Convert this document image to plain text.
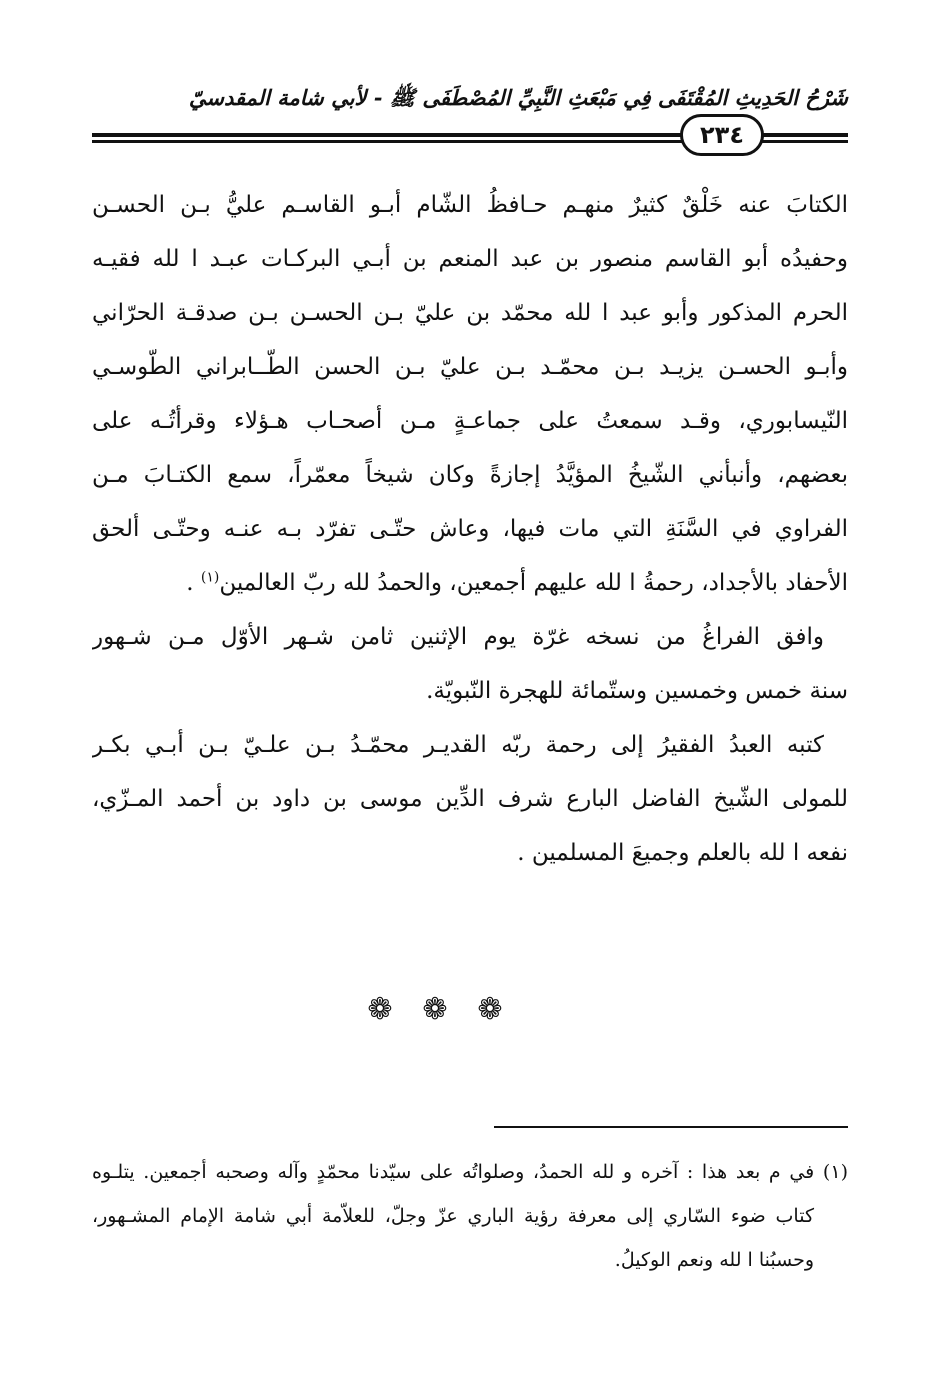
شَرْحُ الحَدِيثِ المُقْتَفَى فِي مَبْعَثِ النَّبِيِّ المُصْطَفَى ﷺ - لأبي شامة المقدسيّ
٢٣٤

الكتابَ عنه خَلْقٌ كثيرٌ منهـم حـافظُ الشّام أبـو القاسـم عليُّ بـن الحسـن
وحفيدُه أبو القاسم منصور بن عبد المنعم بن أبـي البركـات عبـد ا لله فقيـه
الحرم المذكور وأبو عبد ا لله محمّد بن عليّ بـن الحسـن بـن صدقـة الحرّاني
وأبـو الحسـن يزيـد بـن محمّـد بـن عليّ بـن الحسن الطّــابراني الطّوسـي
النّيسابوري، وقـد سمعتُ على جماعـةٍ مـن أصحـاب هـؤلاء وقرأتُـه على
بعضهم، وأنبأني الشّيخُ المؤيَّدُ إجازةً وكان شيخاً معمّراً، سمع الكتـابَ مـن
الفراوي في السَّنَةِ التي مات فيها، وعاش حتّـى تفرّد بـه عنـه وحتّـى ألحق
الأحفاد بالأجداد، رحمةُ ا لله عليهم أجمعين، والحمدُ لله ربّ العالمين$^{(١)}$ .

وافق الفراغُ من نسخه غرّة يوم الإثنين ثامن شـهر الأوّل مـن شـهور
سنة خمس وخمسين وستّمائة للهجرة النّبويّة.

كتبه العبدُ الفقيرُ إلى رحمة ربّه القديـر محمّـدُ بـن علـيّ بـن أبـي بكـر
للمولى الشّيخ الفاضل البارع شرف الدِّين موسى بن داود بن أحمد المـزّي،
نفعه ا لله بالعلم وجميعَ المسلمين .

❁ ❁ ❁
(١) في م بعد هذا : آخره و لله الحمدُ، وصلواتُه على سيّدنا محمّدٍ وآله وصحبه أجمعين. يتلـوه
كتاب ضوء السّاري إلى معرفة رؤية الباري عزّ وجلّ، للعلاّمة أبي شامة الإمام المشـهور،
وحسبُنا ا لله ونعم الوكيلُ.
